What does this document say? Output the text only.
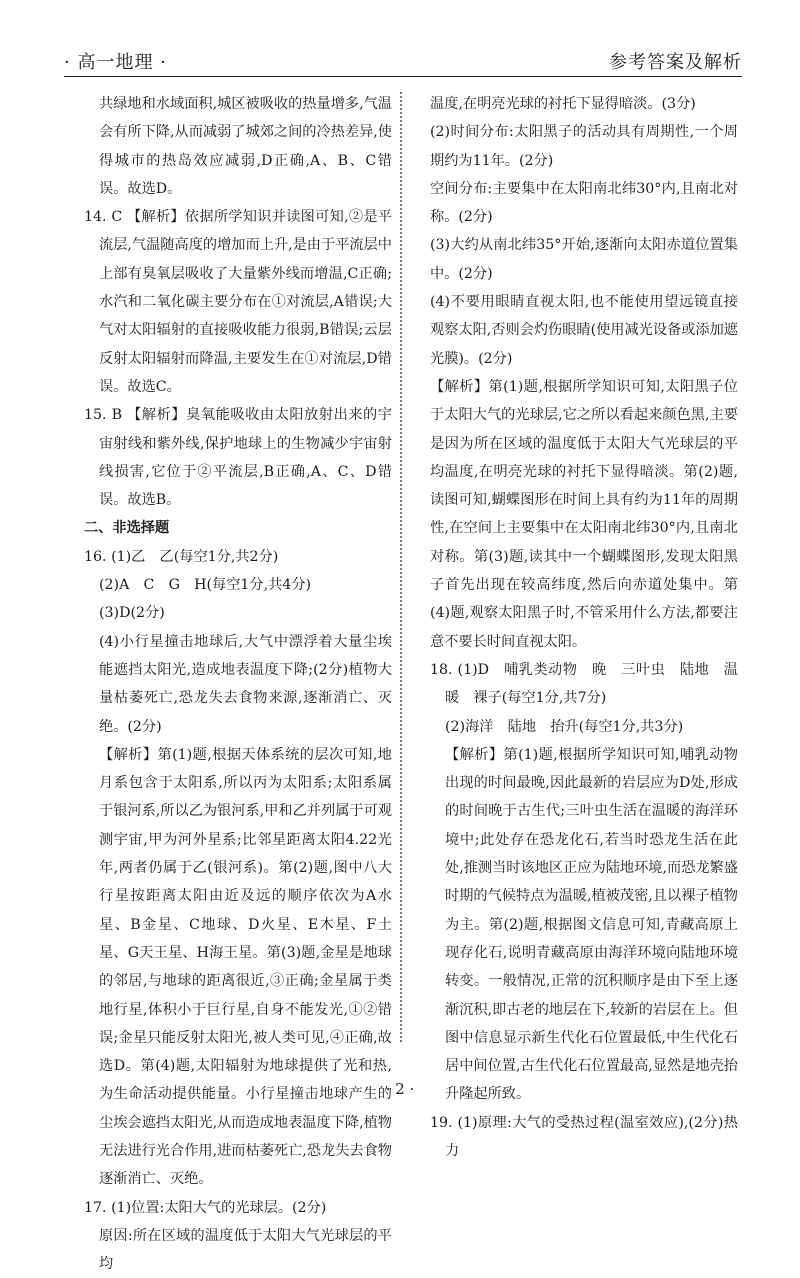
· 高一地理 ·	参考答案及解析

共绿地和水域面积,城区被吸收的热量增多,气温会有所下降,从而减弱了城郊之间的冷热差异,使得城市的热岛效应减弱,D正确,A、B、C错误。故选D。

14. C 【解析】依据所学知识并读图可知,②是平流层,气温随高度的增加而上升,是由于平流层中上部有臭氧层吸收了大量紫外线而增温,C正确;水汽和二氧化碳主要分布在①对流层,A错误;大气对太阳辐射的直接吸收能力很弱,B错误;云层反射太阳辐射而降温,主要发生在①对流层,D错误。故选C。

15. B 【解析】臭氧能吸收由太阳放射出来的宇宙射线和紫外线,保护地球上的生物减少宇宙射线损害,它位于②平流层,B正确,A、C、D错误。故选B。

二、非选择题

16. (1)乙　乙(每空1分,共2分)

(2)A　C　G　H(每空1分,共4分)

(3)D(2分)

(4)小行星撞击地球后,大气中漂浮着大量尘埃能遮挡太阳光,造成地表温度下降;(2分)植物大量枯萎死亡,恐龙失去食物来源,逐渐消亡、灭绝。(2分)

【解析】第(1)题,根据天体系统的层次可知,地月系包含于太阳系,所以丙为太阳系;太阳系属于银河系,所以乙为银河系,甲和乙并列属于可观测宇宙,甲为河外星系;比邻星距离太阳4.22光年,两者仍属于乙(银河系)。第(2)题,图中八大行星按距离太阳由近及远的顺序依次为A水星、B金星、C地球、D火星、E木星、F土星、G天王星、H海王星。第(3)题,金星是地球的邻居,与地球的距离很近,③正确;金星属于类地行星,体积小于巨行星,自身不能发光,①②错误;金星只能反射太阳光,被人类可见,④正确,故选D。第(4)题,太阳辐射为地球提供了光和热,为生命活动提供能量。小行星撞击地球产生的尘埃会遮挡太阳光,从而造成地表温度下降,植物无法进行光合作用,进而枯萎死亡,恐龙失去食物逐渐消亡、灭绝。

17. (1)位置:太阳大气的光球层。(2分)

原因:所在区域的温度低于太阳大气光球层的平均

温度,在明亮光球的衬托下显得暗淡。(3分)

(2)时间分布:太阳黑子的活动具有周期性,一个周期约为11年。(2分)

空间分布:主要集中在太阳南北纬30°内,且南北对称。(2分)

(3)大约从南北纬35°开始,逐渐向太阳赤道位置集中。(2分)

(4)不要用眼睛直视太阳,也不能使用望远镜直接观察太阳,否则会灼伤眼睛(使用减光设备或添加遮光膜)。(2分)

【解析】第(1)题,根据所学知识可知,太阳黑子位于太阳大气的光球层,它之所以看起来颜色黑,主要是因为所在区域的温度低于太阳大气光球层的平均温度,在明亮光球的衬托下显得暗淡。第(2)题,读图可知,蝴蝶图形在时间上具有约为11年的周期性,在空间上主要集中在太阳南北纬30°内,且南北对称。第(3)题,读其中一个蝴蝶图形,发现太阳黑子首先出现在较高纬度,然后向赤道处集中。第(4)题,观察太阳黑子时,不管采用什么方法,都要注意不要长时间直视太阳。

18. (1)D　哺乳类动物　晚　三叶虫　陆地　温暖　裸子(每空1分,共7分)

(2)海洋　陆地　抬升(每空1分,共3分)

【解析】第(1)题,根据所学知识可知,哺乳动物出现的时间最晚,因此最新的岩层应为D处,形成的时间晚于古生代;三叶虫生活在温暖的海洋环境中;此处存在恐龙化石,若当时恐龙生活在此处,推测当时该地区正应为陆地环境,而恐龙繁盛时期的气候特点为温暖,植被茂密,且以裸子植物为主。第(2)题,根据图文信息可知,青藏高原上现存化石,说明青藏高原由海洋环境向陆地环境转变。一般情况,正常的沉积顺序是由下至上逐渐沉积,即古老的地层在下,较新的岩层在上。但图中信息显示新生代化石位置最低,中生代化石居中间位置,古生代化石位置最高,显然是地壳抬升隆起所致。

19. (1)原理:大气的受热过程(温室效应),(2分)热力

· 2 ·
